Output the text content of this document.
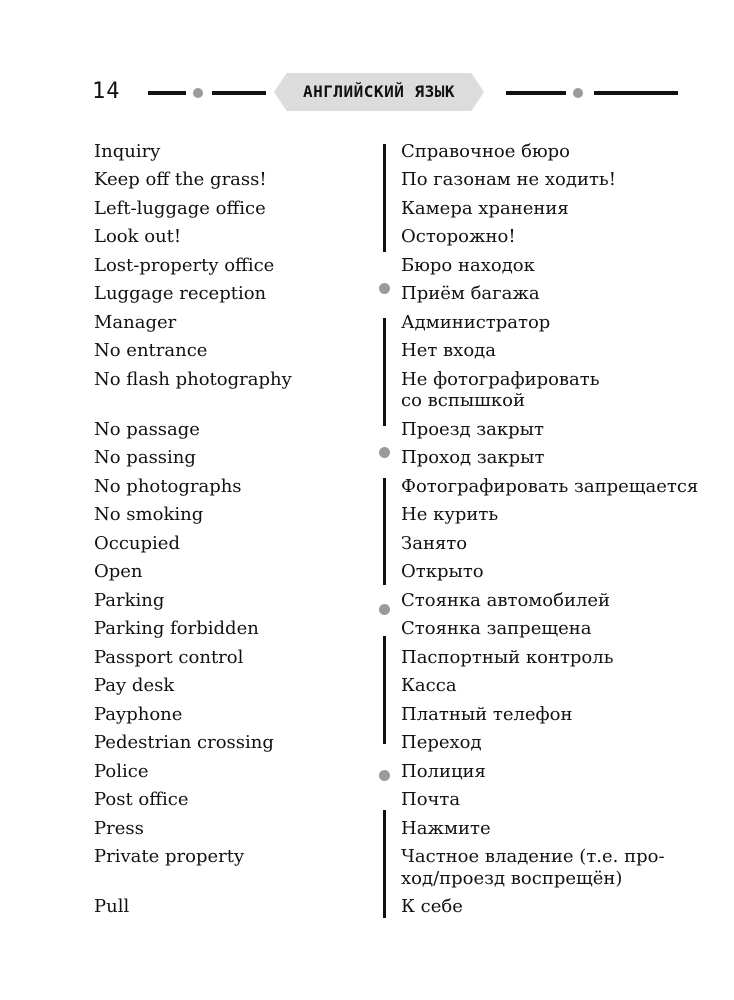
14	АНГЛИЙСКИЙ ЯЗЫК
Inquiry	Справочное бюро
Keep off the grass!	По газонам не ходить!
Left-luggage office	Камера хранения
Look out!	Осторожно!
Lost-property office	Бюро находок
Luggage reception	Приём багажа
Manager	Администратор
No entrance	Нет входа
No flash photography	Не фотографировать
со вспышкой
No passage	Проезд закрыт
No passing	Проход закрыт
No photographs	Фотографировать запрещается
No smoking	Не курить
Occupied	Занято
Open	Открыто
Parking	Стоянка автомобилей
Parking forbidden	Стоянка запрещена
Passport control	Паспортный контроль
Pay desk	Касса
Payphone	Платный телефон
Pedestrian crossing	Переход
Police	Полиция
Post office	Почта
Press	Нажмите
Private property	Частное владение (т.е. про-
ход/проезд воспрещён)
Pull	К себе
